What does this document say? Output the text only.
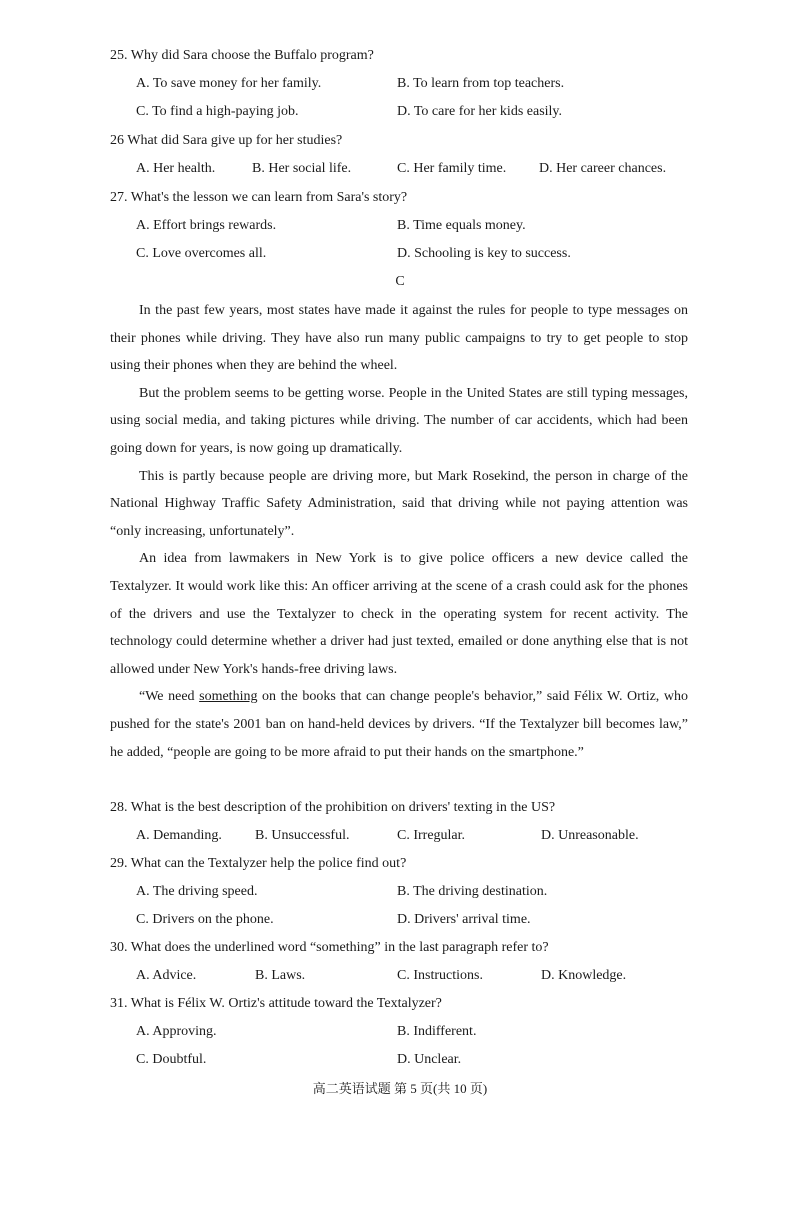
25. Why did Sara choose the Buffalo program?
A. To save money for her family.	B. To learn from top teachers.
C. To find a high-paying job.	D. To care for her kids easily.
26 What did Sara give up for her studies?
A. Her health.	B. Her social life.	C. Her family time. D. Her career chances.
27. What's the lesson we can learn from Sara's story?
A. Effort brings rewards.	B. Time equals money.
C. Love overcomes all.	D. Schooling is key to success.
C

In the past few years, most states have made it against the rules for people to type messages on their phones while driving. They have also run many public campaigns to try to get people to stop using their phones when they are behind the wheel.

But the problem seems to be getting worse. People in the United States are still typing messages, using social media, and taking pictures while driving. The number of car accidents, which had been going down for years, is now going up dramatically.

This is partly because people are driving more, but Mark Rosekind, the person in charge of the National Highway Traffic Safety Administration, said that driving while not paying attention was “only increasing, unfortunately”.

An idea from lawmakers in New York is to give police officers a new device called the Textalyzer. It would work like this: An officer arriving at the scene of a crash could ask for the phones of the drivers and use the Textalyzer to check in the operating system for recent activity. The technology could determine whether a driver had just texted, emailed or done anything else that is not allowed under New York's hands-free driving laws.

“We need something on the books that can change people's behavior,” said Félix W. Ortiz, who pushed for the state's 2001 ban on hand-held devices by drivers. “If the Textalyzer bill becomes law,” he added, “people are going to be more afraid to put their hands on the smartphone.”

28. What is the best description of the prohibition on drivers' texting in the US?
A. Demanding. B. Unsuccessful.	C. Irregular.	D. Unreasonable.
29. What can the Textalyzer help the police find out?
A. The driving speed.	B. The driving destination.
C. Drivers on the phone.	D. Drivers' arrival time.
30. What does the underlined word “something” in the last paragraph refer to?
A. Advice.	B. Laws.	C. Instructions.	D. Knowledge.
31. What is Félix W. Ortiz's attitude toward the Textalyzer?
A. Approving.	B. Indifferent.
C. Doubtful.	D. Unclear.
高二英语试题 第 5 页(共 10 页)
